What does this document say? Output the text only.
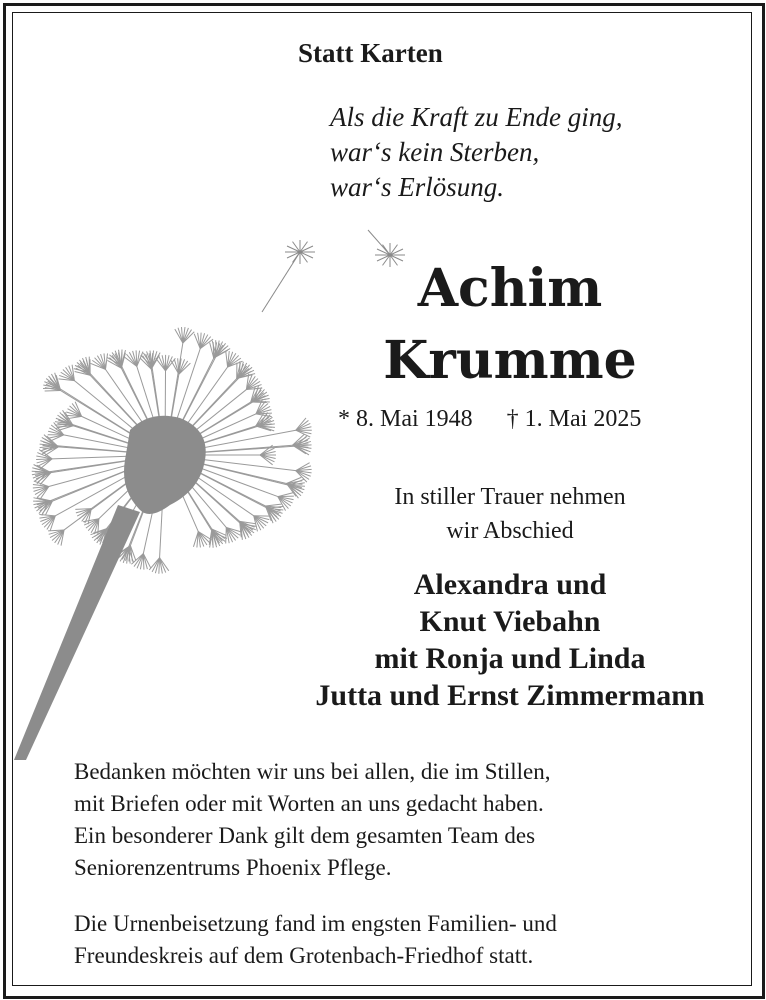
Statt Karten
Als die Kraft zu Ende ging,
war‘s kein Sterben,
war‘s Erlösung.
Achim
Krumme
* 8. Mai 1948 † 1. Mai 2025
In stiller Trauer nehmen
wir Abschied
Alexandra und
Knut Viebahn
mit Ronja und Linda
Jutta und Ernst Zimmermann
Bedanken möchten wir uns bei allen, die im Stillen,
mit Briefen oder mit Worten an uns gedacht haben.
Ein besonderer Dank gilt dem gesamten Team des
Seniorenzentrums Phoenix Pflege.
Die Urnenbeisetzung fand im engsten Familien- und
Freundeskreis auf dem Grotenbach-Friedhof statt.
